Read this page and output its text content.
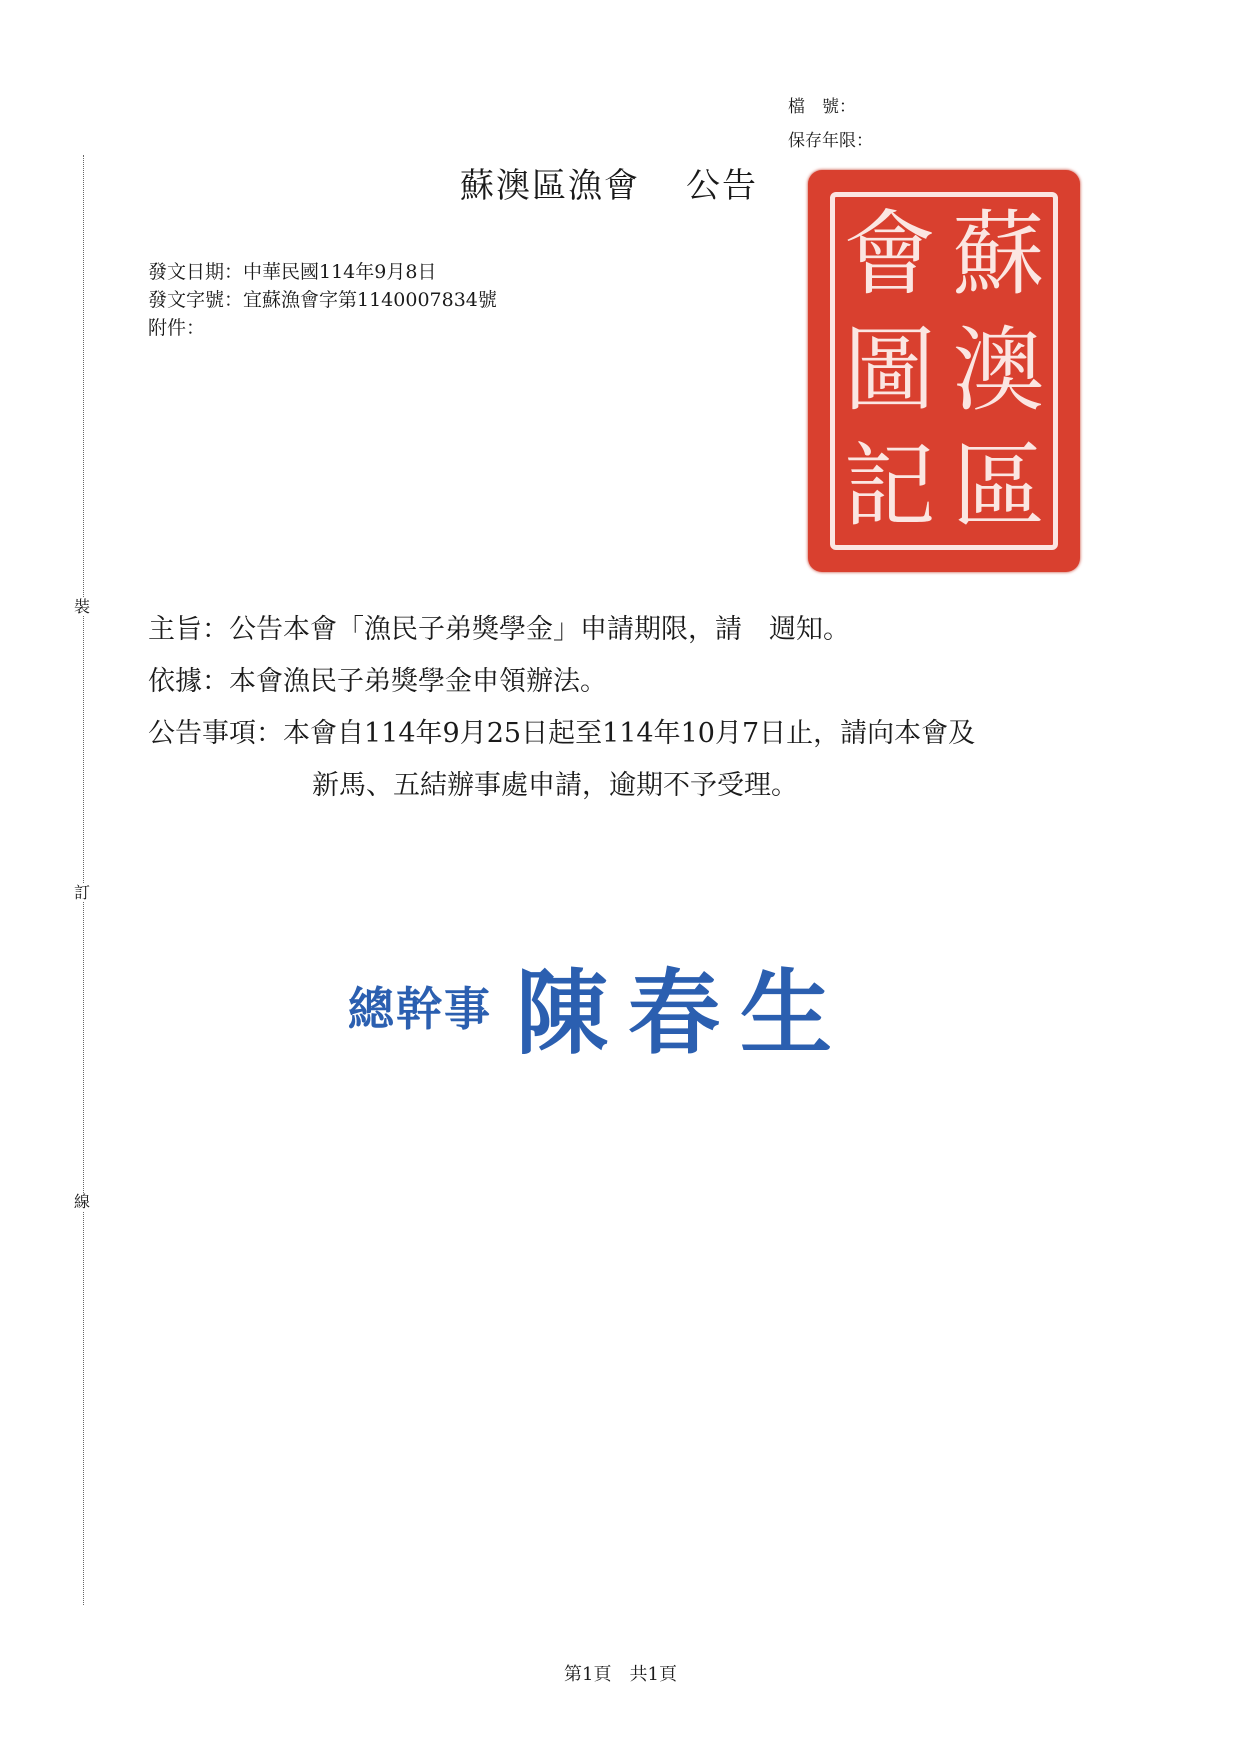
檔　號：
保存年限：
蘇澳區漁會 公告
發文日期：中華民國114年9月8日
發文字號：宜蘇漁會字第1140007834號
附件：
裝
訂
線
會
圖
記
蘇
澳
區
主旨：公告本會「漁民子弟獎學金」申請期限，請　週知。
依據：本會漁民子弟獎學金申領辦法。
公告事項：本會自114年9月25日起至114年10月7日止，請向本會及
新馬、五結辦事處申請，逾期不予受理。
總幹事 陳春生
第1頁 共1頁
